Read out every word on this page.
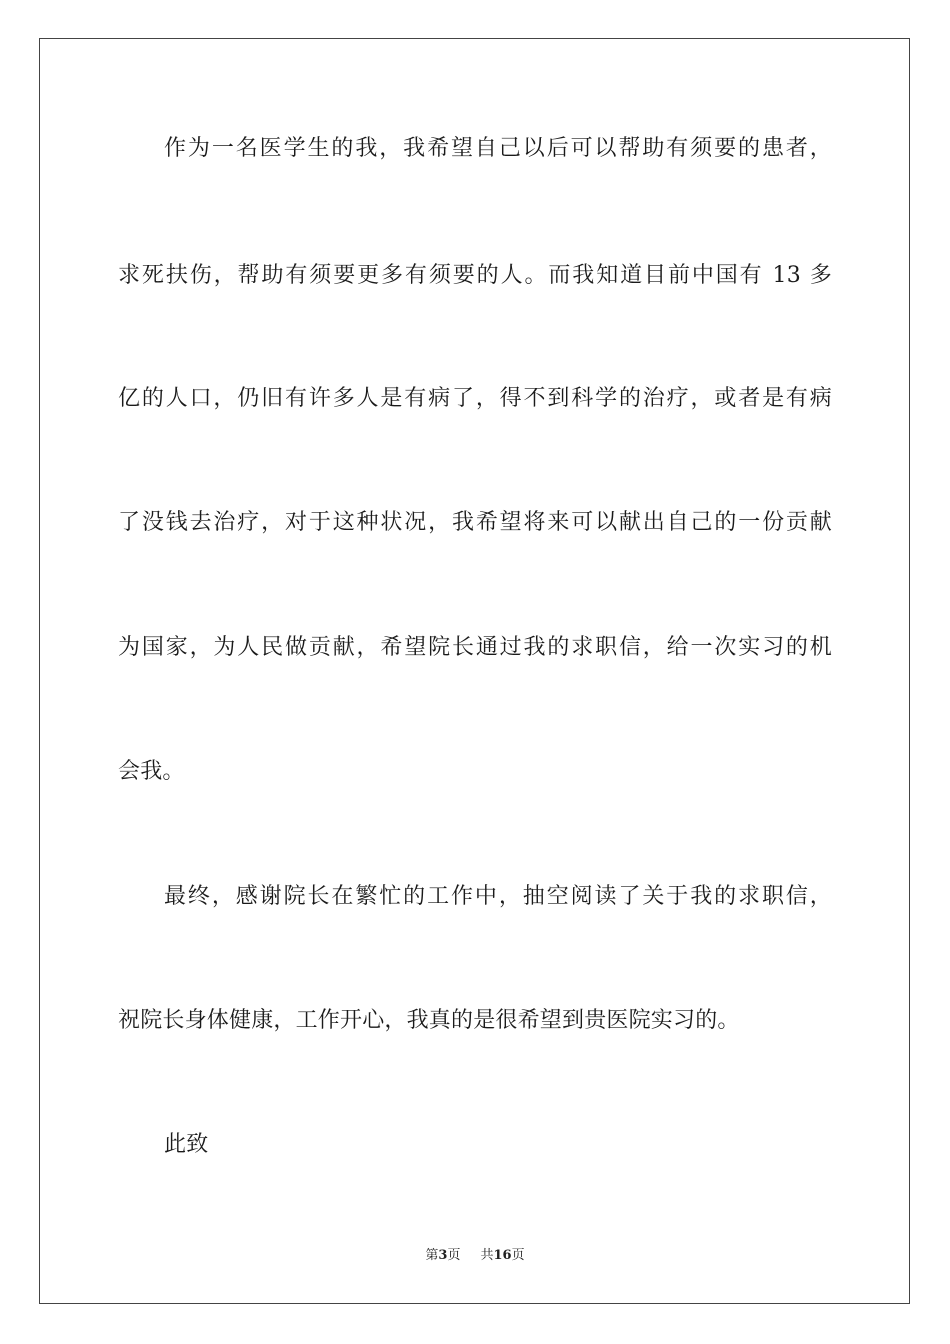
作为一名医学生的我，我希望自己以后可以帮助有须要的患者，
求死扶伤，帮助有须要更多有须要的人。而我知道目前中国有 13 多
亿的人口，仍旧有许多人是有病了，得不到科学的治疗，或者是有病
了没钱去治疗，对于这种状况，我希望将来可以献出自己的一份贡献
为国家，为人民做贡献，希望院长通过我的求职信，给一次实习的机
会我。
最终，感谢院长在繁忙的工作中，抽空阅读了关于我的求职信，
祝院长身体健康，工作开心，我真的是很希望到贵医院实习的。
此致
第3页 共16页
